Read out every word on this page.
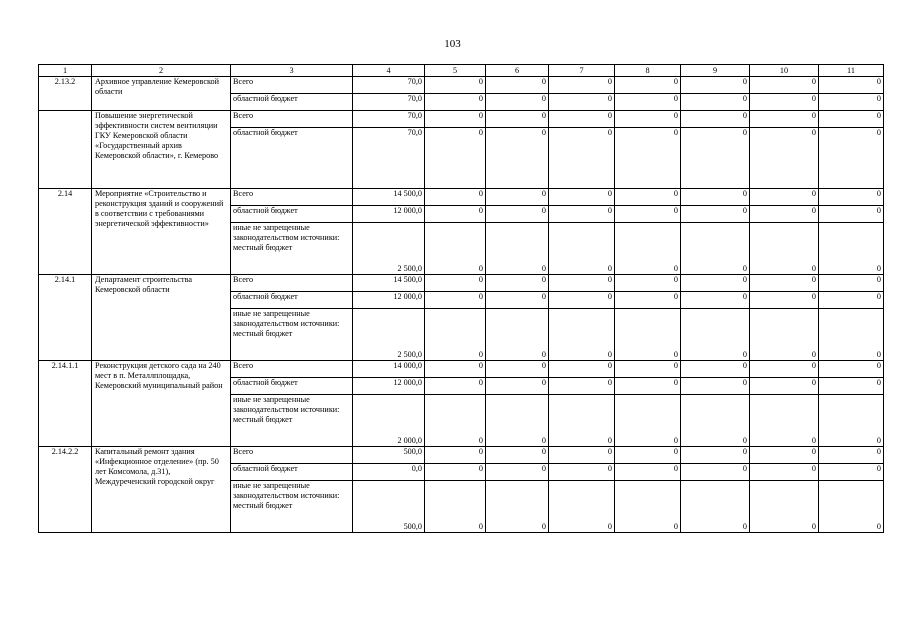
103
1	2	3	4	5	6	7	8	9	10	11
2.13.2	Архивное управление Кемеровской области	Всего	70,0	0	0	0	0	0	0	0
		областной бюджет	70,0	0	0	0	0	0	0	0
	Повышение энергетической эффективности систем вентиляции ГКУ Кемеровской области «Государственный архив Кемеровской области», г. Кемерово	Всего	70,0	0	0	0	0	0	0	0
		областной бюджет	70,0	0	0	0	0	0	0	0
2.14	Мероприятие «Строительство и реконструкция зданий и сооружений в соответствии с требованиями энергетической эффективности»	Всего	14 500,0	0	0	0	0	0	0	0
		областной бюджет	12 000,0	0	0	0	0	0	0	0
		иные не запрещенные законодательством источники: местный бюджет	2 500,0	0	0	0	0	0	0	0
2.14.1	Департамент строительства Кемеровской области	Всего	14 500,0	0	0	0	0	0	0	0
		областной бюджет	12 000,0	0	0	0	0	0	0	0
		иные не запрещенные законодательством источники: местный бюджет	2 500,0	0	0	0	0	0	0	0
2.14.1.1	Реконструкция детского сада на 240 мест в п. Металлплощадка, Кемеровский муниципальный район	Всего	14 000,0	0	0	0	0	0	0	0
		областной бюджет	12 000,0	0	0	0	0	0	0	0
		иные не запрещенные законодательством источники: местный бюджет	2 000,0	0	0	0	0	0	0	0
2.14.2.2	Капитальный ремонт здания «Инфекционное отделение» (пр. 50 лет Комсомола, д.31), Междуреченский городской округ	Всего	500,0	0	0	0	0	0	0	0
		областной бюджет	0,0	0	0	0	0	0	0	0
		иные не запрещенные законодательством источники: местный бюджет	500,0	0	0	0	0	0	0	0
